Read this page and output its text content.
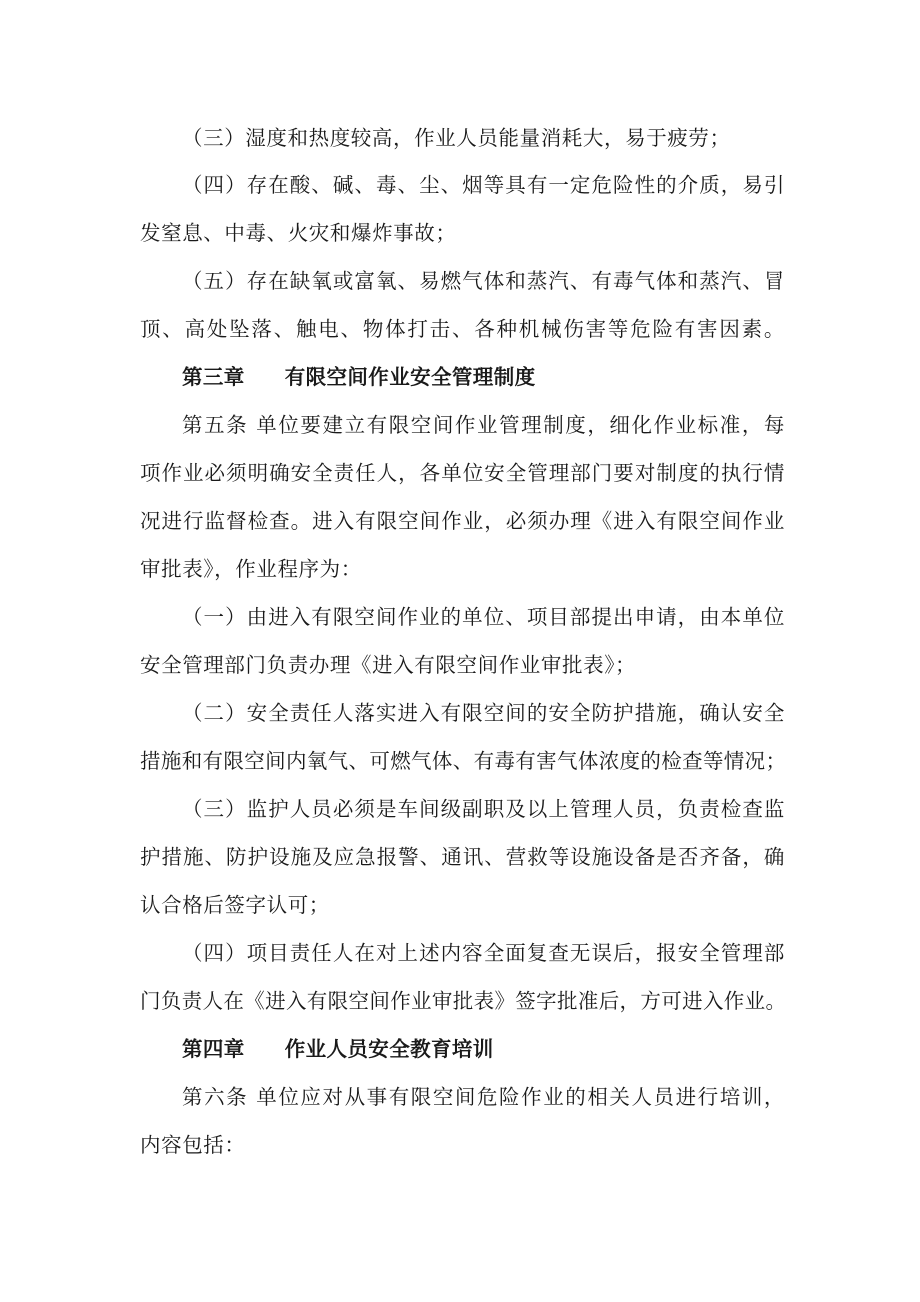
（三）湿度和热度较高，作业人员能量消耗大，易于疲劳；
（四）存在酸、碱、毒、尘、烟等具有一定危险性的介质，易引
发窒息、中毒、火灾和爆炸事故；
（五）存在缺氧或富氧、易燃气体和蒸汽、有毒气体和蒸汽、冒
顶、高处坠落、触电、物体打击、各种机械伤害等危险有害因素。
第三章 有限空间作业安全管理制度
第五条 单位要建立有限空间作业管理制度，细化作业标准，每
项作业必须明确安全责任人，各单位安全管理部门要对制度的执行情
况进行监督检查。进入有限空间作业，必须办理《进入有限空间作业
审批表》，作业程序为：
（一）由进入有限空间作业的单位、项目部提出申请，由本单位
安全管理部门负责办理《进入有限空间作业审批表》；
（二）安全责任人落实进入有限空间的安全防护措施，确认安全
措施和有限空间内氧气、可燃气体、有毒有害气体浓度的检查等情况；
（三）监护人员必须是车间级副职及以上管理人员，负责检查监
护措施、防护设施及应急报警、通讯、营救等设施设备是否齐备，确
认合格后签字认可；
（四）项目责任人在对上述内容全面复查无误后，报安全管理部
门负责人在《进入有限空间作业审批表》签字批准后，方可进入作业。
第四章 作业人员安全教育培训
第六条 单位应对从事有限空间危险作业的相关人员进行培训，
内容包括：
